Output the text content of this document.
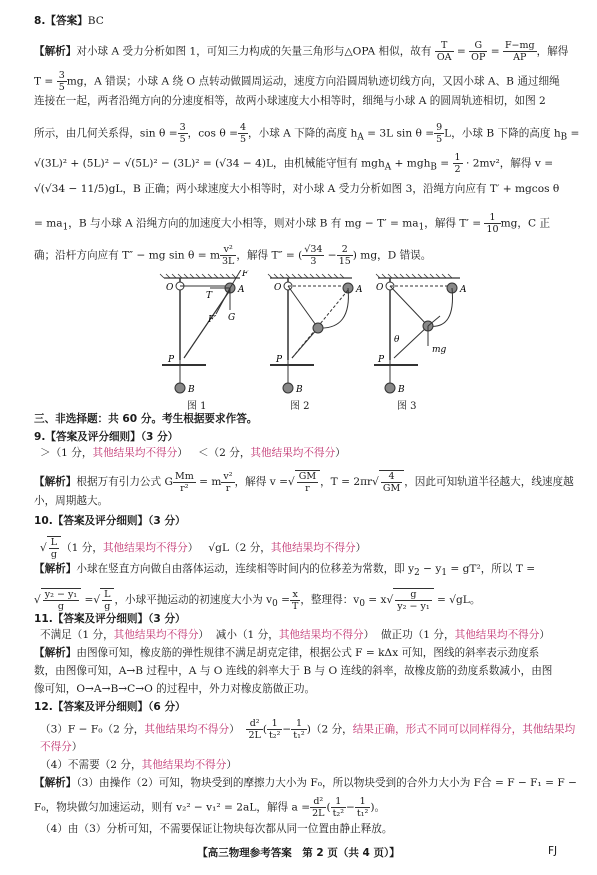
8.【答案】BC
【解析】对小球 A 受力分析如图 1，可知三力构成的矢量三角形与△OPA 相似，故有 $\frac{T}{OA} = \frac{G}{OP} = \frac{F-mg}{AP}$ ，解得
$T = \frac{3}{5}$ mg，A 错误；小球 A 绕 O 点转动做圆周运动，速度方向沿圆周轨迹切线方向，又因小球 A、B 通过细绳
连接在一起，两者沿绳方向的分速度相等，故两小球速度大小相等时，细绳与小球 A 的圆周轨迹相切，如图 2
所示，由几何关系得，$\sin \theta = \frac{3}{5}$ ，$\cos \theta = \frac{4}{5}$ ，小球 A 下降的高度 $h_A = 3L$ $\sin \theta = \frac{9}{5}$ L，小球 B 下降的高度 $h_B$ =
√(3L)² + (5L)² − √(5L)² − (3L)² = (√34 − 4)L，由机械能守恒有 $mgh_A + mgh_B = \frac{1}{2} \cdot 2mv^2$，解得 v =
√(√34 − 11/5)gL，B 正确；两小球速度大小相等时，对小球 A 受力分析如图 3，沿绳方向应有 T′ + mgcos θ
= $ma_1$，B 与小球 A 沿绳方向的加速度大小相等，则对小球 B 有 mg − $T' = ma_1$，解得 $T' = \frac{1}{10}$ mg，C 正
确；沿杆方向应有 T″ − mg sin θ = m $\frac{\text{v²}}{3L}$ ，解得 T″ = ( $\frac{√34}{3} - \frac{2}{15}$ ) mg，D 错误。
O	A
F
T
F′ G
P
B
图 1
O	A
P
B
图 2
O	A
θ
mg
P
B
图 3
三、非选择题：共 60 分。考生根据要求作答。
9.【答案及评分细则】（3 分）
＞（1 分，其他结果均不得分） ＜（2 分，其他结果均不得分）
【解析】根据万有引力公式 G $\frac{Mm}{\text{r²}} = m \frac{\text{v²}}{r}$ ，解得 v =√ $\frac{GM}{r}$ ，$T = 2\pi r√ \frac{4}{GM}$ ，因此可知轨道半径越大，线速度越
小，周期越大。
10.【答案及评分细则】（3 分）
√ $\frac{L}{g} (1$ 分，其他结果均不得分） √gL（2 分，其他结果均不得分）
【解析】小球在竖直方向做自由落体运动，连续相等时间内的位移差为常数，即 $y_2 - y_1 = gT^2$，所以 T =
√ $\frac{\text{y₂ − y₁}}{g}$ =√ $\frac{L}{g}$ ，小球平抛运动的初速度大小为 $v_0 = \frac{x}{T}$ ，整理得：$v_0 = x√ \frac{g}{\text{y₂ − y₁}} = √gL$。
11.【答案及评分细则】（3 分）
不满足（1 分，其他结果均不得分） 减小（1 分，其他结果均不得分） 做正功（1 分，其他结果均不得分）
【解析】由图像可知，橡皮筋的弹性规律不满足胡克定律，根据公式 F = kΔx 可知，图线的斜率表示劲度系
数，由图像可知，A→B 过程中，A 与 O 连线的斜率大于 B 与 O 连线的斜率，故橡皮筋的劲度系数减小，由图
像可知，O→A→B→C→O 的过程中，外力对橡皮筋做正功。
12.【答案及评分细则】（6 分）
（3）F − F₀（2 分，其他结果均不得分） $\frac{\text{d²}}{2L}$ ( $\frac{1}{\text{t₂²}} - \frac{1}{\text{t₁²}} )(2$ 分，结果正确，形式不同可以同样得分，其他结果均
不得分）
（4）不需要（2 分，其他结果均不得分）
【解析】（3）由操作（2）可知，物块受到的摩擦力大小为 F₀，所以物块受到的合外力大小为 F合 = F − F₁ = F −
F₀，物块做匀加速运动，则有 v₂² − v₁² = 2aL，解得 $a = \frac{\text{d²}}{2L}$ ( $\frac{1}{\text{t₂²}} - \frac{1}{\text{t₁²}}$ )。
（4）由（3）分析可知，不需要保证让物块每次都从同一位置由静止释放。
【高三物理参考答案　第 2 页（共 4 页）】	FJ
